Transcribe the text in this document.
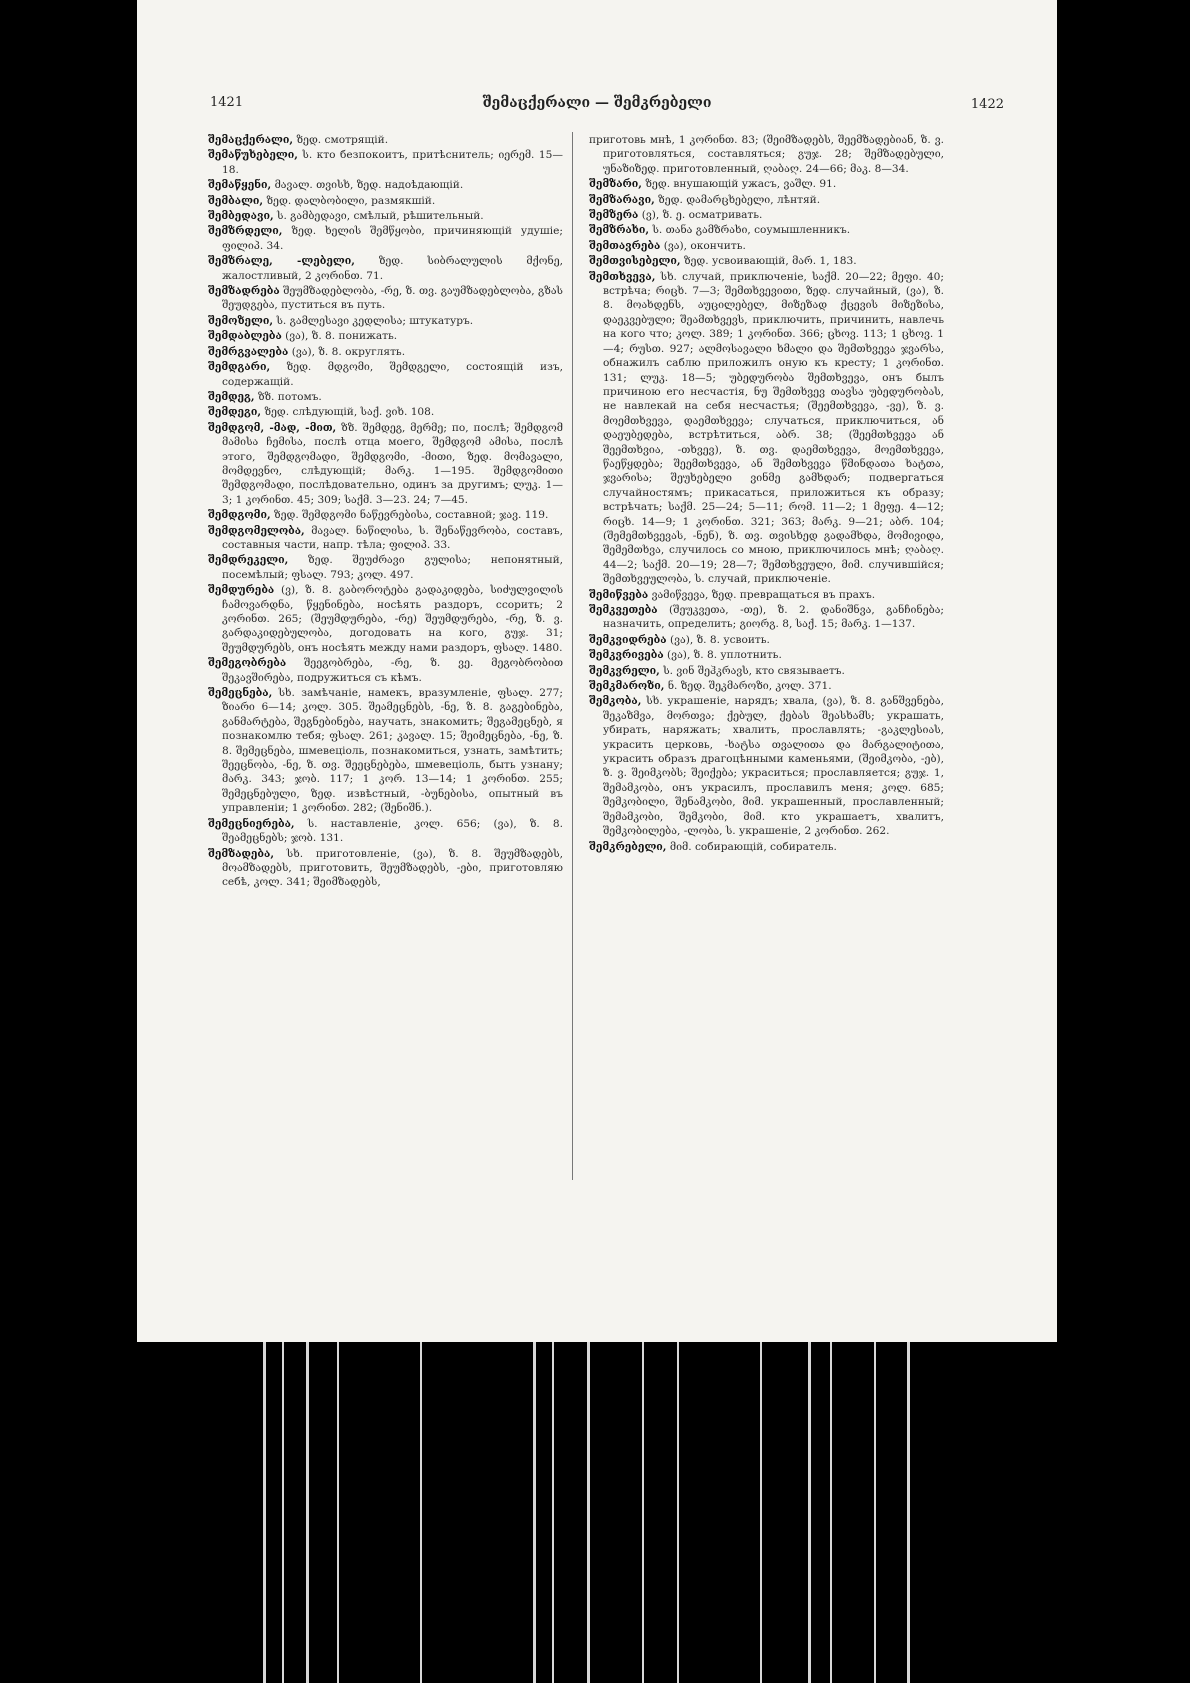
1421	შემაცქერალი — შემკრებელი	1422

შემაცქერალი, ზედ. смотрящій.

შემაწუხებელი, ს. кто безпокоитъ, притѣснитель; იერემ. 15—18.

შემაწყენი, მავალ. თვისხ, ზედ. надоѣдающій.

შემბალი, ზედ. დალბობილი, размякшій.

შემბედავი, ს. გამბედავი, смѣлый, рѣшительный.

შემზრდელი, ზედ. ხელის შემწყობი, причиняющій удушіе; ფილიპ. 34.

შემზრალე, -ლებელი, ზედ. სიბრალულის მქონე, жалостливый, 2 კორინთ. 71.

შემზადრება შეუმზადებლობა, -რე, ზ. თვ. გაუმზადებლობა, გზას შეუდგება, пуститься въ путь.

შემოზელი, ს. გამლესავი კედლისა; штукатуръ.

შემდაბლება (ვა), ზ. 8. понижать.

შემრგვალება (ვა), ზ. 8. округлять.

შემდგარი, ზედ. მდგომი, შემდგელი, состоящій изъ, содержащій.

შემდეგ, ზზ. потомъ.

შემდეგი, ზედ. слѣдующій, საქ. ვიხ. 108.

შემდგომ, -მად, -მით, ზზ. შემდეგ, მერმე; по, послѣ; შემდგომ მამისა ჩემისა, послѣ отца моего, შემდგომ ამისა, послѣ этого, შემდგომადი, შემდგომი, -მითი, ზედ. მომავალი, მომდევნო, слѣдующій; მარკ. 1—195. შემდგომითი შემდგომადი, послѣдовательно, одинъ за другимъ; ლუკ. 1—3; 1 კორინთ. 45; 309; საქმ. 3—23. 24; 7—45.

შემდგომი, ზედ. შემდგომი ნაწევრებისა, составной; ჯავ. 119.

შემდგომელობა, მავალ. ნაწილისა, ს. შენაწევრობა, составъ, составныя части, напр. тѣла; ფილიპ. 33.

შემდრეკელი, ზედ. შეუძრავი გულისა; непонятный, посемѣлый; ფსალ. 793; კოლ. 497.

შემდურება (ვ), ზ. 8. გაბოროტება გადაკიდება, სიძულვილის ჩამოვარდნა, წყენინება, носѣять раздоръ, ссорить; 2 კორინთ. 265; (შეუმდურება, -რე) შეუმდურება, -რე, ზ. ვ. გარდაკიდებულობა, догодовать на кого, გუჯ. 31; შეუმდურებს, онъ носѣять между нами раздоръ, ფსალ. 1480.

შემეგობრება შეეგობრება, -რე, ზ. ვე. მეგობრობით შეკავშირება, подружиться съ кѣмъ.

შემეცნება, სხ. замѣчаніе, намекъ, вразумленіе, ფსალ. 277; ზიარი 6—14; კოლ. 305. შეამეცნებს, -ნე, ზ. 8. გაგებინება, განმარტება, შეგნებინება, научать, знакомить; შეგამეცნებ, я познакомлю тебя; ფსალ. 261; კავალ. 15; შეიმეცნება, -ნე, ზ. 8. შემეცნება, шмевеціоль, познакомиться, узнать, замѣтить; შეეცნობა, -ნე, ზ. თვ. შეეცნებება, шмевеціоль, быть узнану; მარკ. 343; ჯობ. 117; 1 კორ. 13—14; 1 კორინთ. 255; შემეცნებული, ზედ. извѣстный, -ბუნებისა, опытный въ управленіи; 1 კორინთ. 282; (შენიშნ.).

შემეცნიერება, ს. наставленіе, კოლ. 656; (ვა), ზ. 8. შეამეცნებს; ჯობ. 131.

შემზადება, სხ. приготовленіе, (ვა), ზ. 8. შეუმზადებს, მოამზადებს, приготовить, შეუმზადებს, -ები, приготовляю себѣ, კოლ. 341; შეიმზადებს,

приготовь мнѣ, 1 კორინთ. 83; (შეიმზადებს, შეემზადებიან, ზ. ვ. приготовляться, составляться; გუჯ. 28; შემზადებული, უნაზიზედ. приготовленный, ღაბაღ. 24—66; მაკ. 8—34.

შემზარი, ზედ. внушающій ужасъ, ვაშლ. 91.

შემზარავი, ზედ. დამარცხებელი, лѣнтяй.

შემზერა (ვ), ზ. ე. осматривать.

შემზრახი, ს. თანა გამზრახი, соумышленникъ.

შემთავრება (ვა), окончить.

შემთვისებელი, ზედ. усвоивающій, მარ. 1, 183.

შემთხვევა, სხ. случай, приключеніе, საქმ. 20—22; მეფი. 40; встрѣча; რიცხ. 7—3; შემთხვევითი, ზედ. случайный, (ვა), ზ. 8. მოახდენს, აუცილებელ, მიზეზად ქცევის მიზეზისა, დაეკვებული; შეამთხვევს, приключить, причинить, навлечь на кого что; კოლ. 389; 1 კორინთ. 366; ცხოვ. 113; 1 ცხოვ. 1—4; რუსთ. 927; ალმოსავალი ხმალი და შემთხვევა ჯვარსა, обнажилъ саблю приложилъ оную къ кресту; 1 კორინთ. 131; ლუკ. 18—5; უბედურობა შემთხვევა, онъ былъ причиною его несчастія, ნუ შემთხვევ თავსა უბედურობას, не навлекай на себя несчастья; (შეემთხვევა, -ვე), ზ. ვ. მოემთხვევა, დაემთხვევა; случаться, приключиться, ან დაეუბედება, встрѣтиться, აბრ. 38; (შეემთხვევა ან შეემთხვია, -თხვევ), ზ. თვ. დაემთხვევა, მოემთხვევა, წაეწყდება; შეემთხვევა, ან შემთხვევა წმინდათა ხატთა, ჯვარისა; შეუხებელი ვინმე გამხდარ; подвергаться случайностямъ; прикасаться, приложиться къ образу; встрѣчать; საქმ. 25—24; 5—11; რომ. 11—2; 1 მეფე. 4—12; რიცხ. 14—9; 1 კორინთ. 321; 363; მარკ. 9—21; აბრ. 104; (შემემთხვევას, -ნენ), ზ. თვ. თვისხედ გადამხდა, მომივიდა, შემემთხვა, случилось со мною, приключилось мнѣ; ღაბაღ. 44—2; საქმ. 20—19; 28—7; შემთხვეული, მიმ. случившійся; შემთხვეულობა, ს. случай, приключеніе.

შემიწვება ვამიწვევა, ზედ. превращаться въ прахъ.

შემკვეთება (შეუკვეთა, -თე), ზ. 2. დანიშნვა, განჩინება; назначить, определить; გიორგ. 8, საქ. 15; მარკ. 1—137.

შემკვიდრება (ვა), ზ. 8. усвоить.

შემკვრივება (ვა), ზ. 8. уплотнить.

შემკვრელი, ს. ვინ შეჰკრავს, кто связываетъ.

შემკმაროზი, ნ. ზედ. შეკმაროზი, კოლ. 371.

შემკობა, სხ. украшеніе, нарядъ; хвала, (ვა), ზ. 8. განშვენება, შეკაზმვა, მორთვა; ქებულ, ქებას შეასხამს; украшать, убирать, наряжать; хвалить, прославлять; -გაკლესიას, украсить церковь, -ხატსა თვალითა და მარგალიტითა, украсить образъ драгоцѣнными каменьями, (შეიმკობა, -ებ), ზ. ვ. შეიმკობს; შეიქება; украситься; прославляется; გუჯ. 1, შემამკობა, онъ украсилъ, прославилъ меня; კოლ. 685; შემკობილი, შენამკობი, მიმ. украшенный, прославленный; შემამკობი, შემკობი, მიმ. кто украшаетъ, хвалитъ, შემკობილება, -ლობა, ს. украшеніе, 2 კორინთ. 262.

შემკრებელი, მიმ. собирающій, собиратель.
